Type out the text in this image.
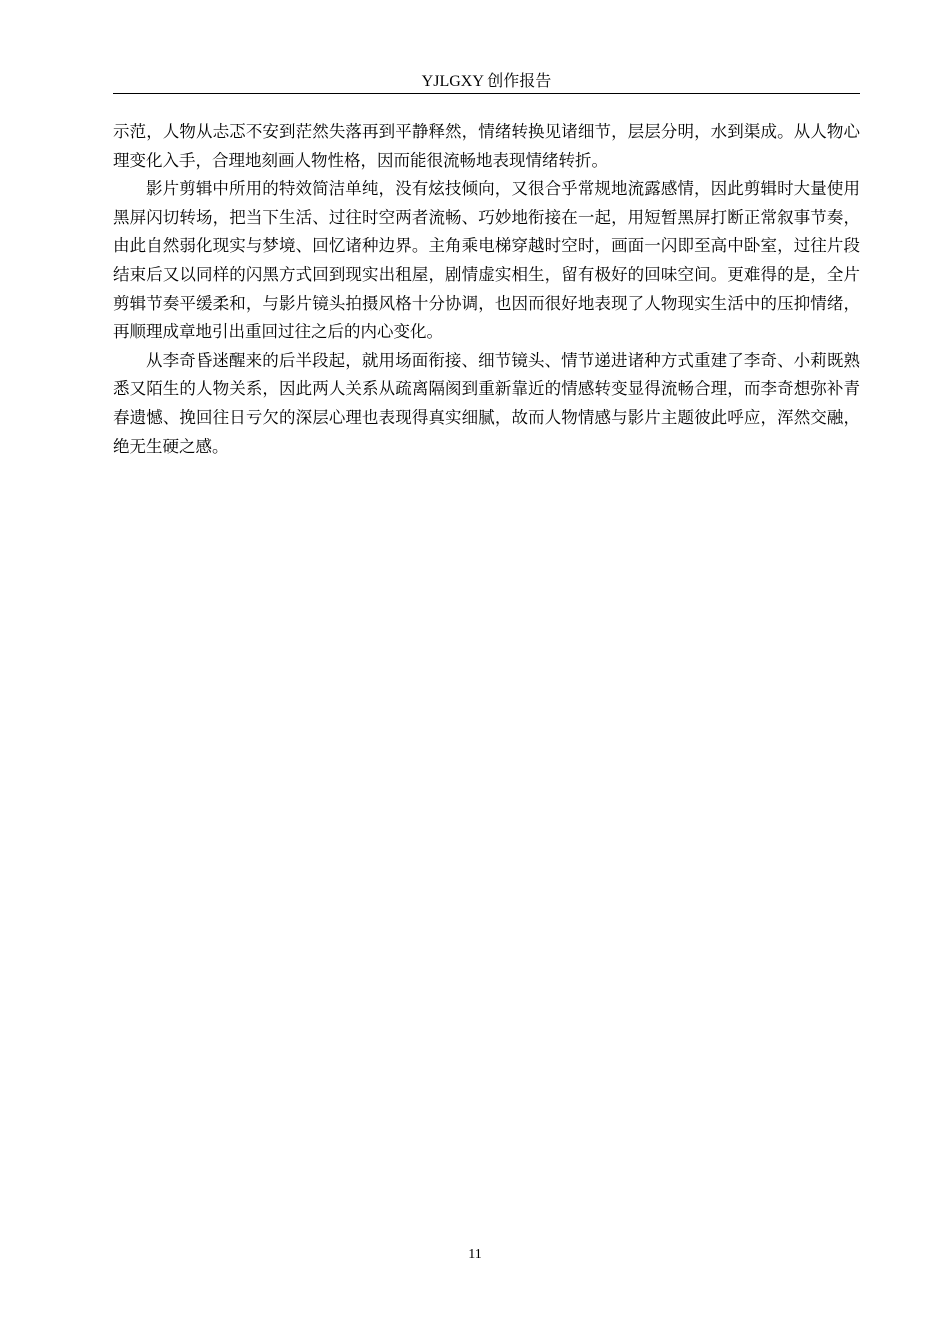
YJLGXY 创作报告

示范，人物从忐忑不安到茫然失落再到平静释然，情绪转换见诸细节，层层分明，水到渠成。从人物心理变化入手，合理地刻画人物性格，因而能很流畅地表现情绪转折。

影片剪辑中所用的特效简洁单纯，没有炫技倾向，又很合乎常规地流露感情，因此剪辑时大量使用黑屏闪切转场，把当下生活、过往时空两者流畅、巧妙地衔接在一起，用短暂黑屏打断正常叙事节奏，由此自然弱化现实与梦境、回忆诸种边界。主角乘电梯穿越时空时，画面一闪即至高中卧室，过往片段结束后又以同样的闪黑方式回到现实出租屋，剧情虚实相生，留有极好的回味空间。更难得的是，全片剪辑节奏平缓柔和，与影片镜头拍摄风格十分协调，也因而很好地表现了人物现实生活中的压抑情绪，再顺理成章地引出重回过往之后的内心变化。

从李奇昏迷醒来的后半段起，就用场面衔接、细节镜头、情节递进诸种方式重建了李奇、小莉既熟悉又陌生的人物关系，因此两人关系从疏离隔阂到重新靠近的情感转变显得流畅合理，而李奇想弥补青春遗憾、挽回往日亏欠的深层心理也表现得真实细腻，故而人物情感与影片主题彼此呼应，浑然交融，绝无生硬之感。

11
